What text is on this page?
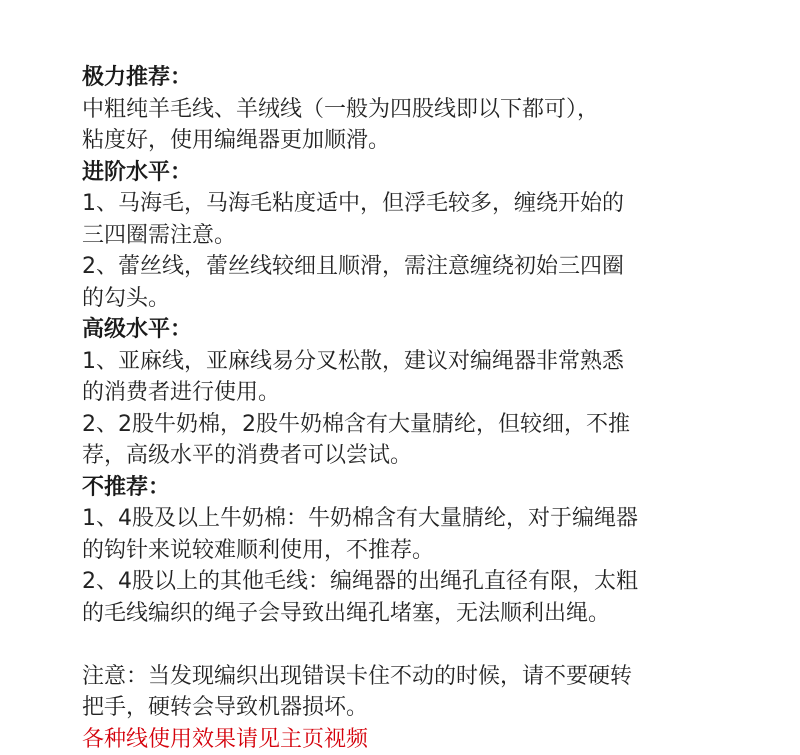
极力推荐：
中粗纯羊毛线、羊绒线（一般为四股线即以下都可），
粘度好，使用编绳器更加顺滑。
进阶水平：
1、马海毛，马海毛粘度适中，但浮毛较多，缠绕开始的
三四圈需注意。
2、蕾丝线，蕾丝线较细且顺滑，需注意缠绕初始三四圈
的勾头。
高级水平：
1、亚麻线，亚麻线易分叉松散，建议对编绳器非常熟悉
的消费者进行使用。
2、2股牛奶棉，2股牛奶棉含有大量腈纶，但较细，不推
荐，高级水平的消费者可以尝试。
不推荐：
1、4股及以上牛奶棉：牛奶棉含有大量腈纶，对于编绳器
的钩针来说较难顺利使用，不推荐。
2、4股以上的其他毛线：编绳器的出绳孔直径有限，太粗
的毛线编织的绳子会导致出绳孔堵塞，无法顺利出绳。
注意：当发现编织出现错误卡住不动的时候，请不要硬转
把手，硬转会导致机器损坏。
各种线使用效果请见主页视频
